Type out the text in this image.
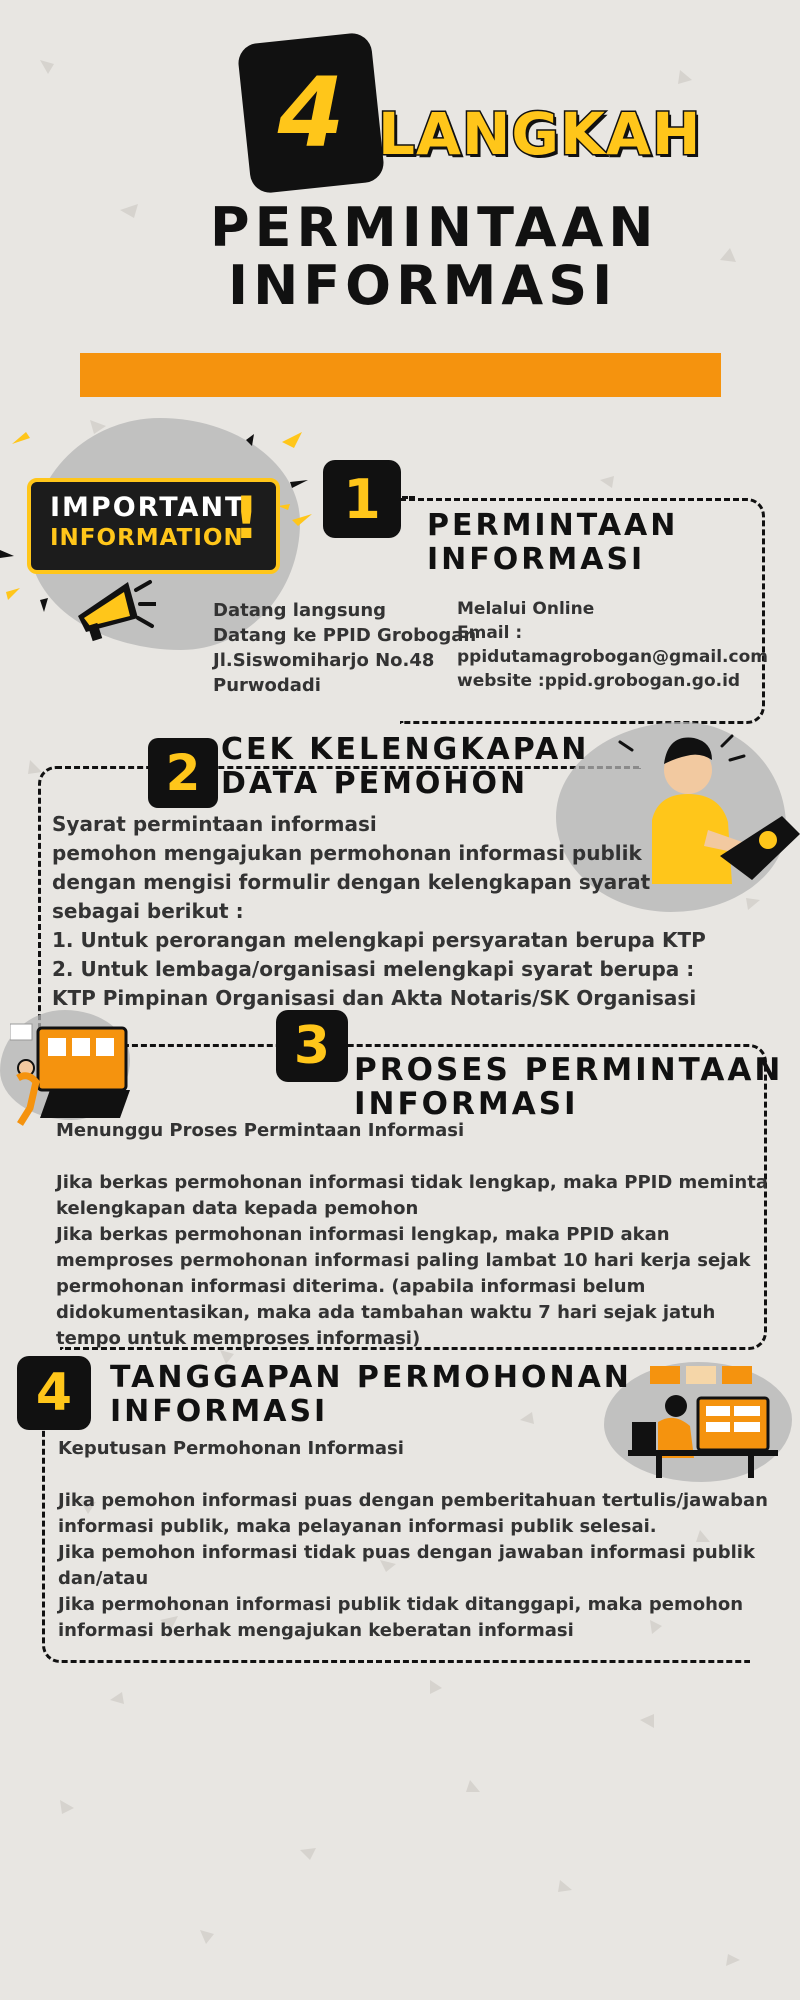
4 LANGKAH
PERMINTAAN
INFORMASI
IMPORTANT
INFORMATION
!	1	PERMINTAAN
INFORMASI
Datang langsung
Datang ke PPID Grobogan
Jl.Siswomiharjo No.48
Purwodadi
Melalui Online
Email :
ppidutamagrobogan@gmail.com
website :ppid.grobogan.go.id
2 CEK KELENGKAPAN
DATA PEMOHON
Syarat permintaan informasi
pemohon mengajukan permohonan informasi publik
dengan mengisi formulir dengan kelengkapan syarat
sebagai berikut :
1. Untuk perorangan melengkapi persyaratan berupa KTP
2. Untuk lembaga/organisasi melengkapi syarat berupa :
KTP Pimpinan Organisasi dan Akta Notaris/SK Organisasi
3 PROSES PERMINTAAN
INFORMASI
Menunggu Proses Permintaan Informasi
Jika berkas permohonan informasi tidak lengkap, maka PPID meminta
kelengkapan data kepada pemohon
Jika berkas permohonan informasi lengkap, maka PPID akan
memproses permohonan informasi paling lambat 10 hari kerja sejak
permohonan informasi diterima. (apabila informasi belum
didokumentasikan, maka ada tambahan waktu 7 hari sejak jatuh
tempo untuk memproses informasi)
4	TANGGAPAN PERMOHONAN
INFORMASI
Keputusan Permohonan Informasi
Jika pemohon informasi puas dengan pemberitahuan tertulis/jawaban
informasi publik, maka pelayanan informasi publik selesai.
Jika pemohon informasi tidak puas dengan jawaban informasi publik
dan/atau
Jika permohonan informasi publik tidak ditanggapi, maka pemohon
informasi berhak mengajukan keberatan informasi
